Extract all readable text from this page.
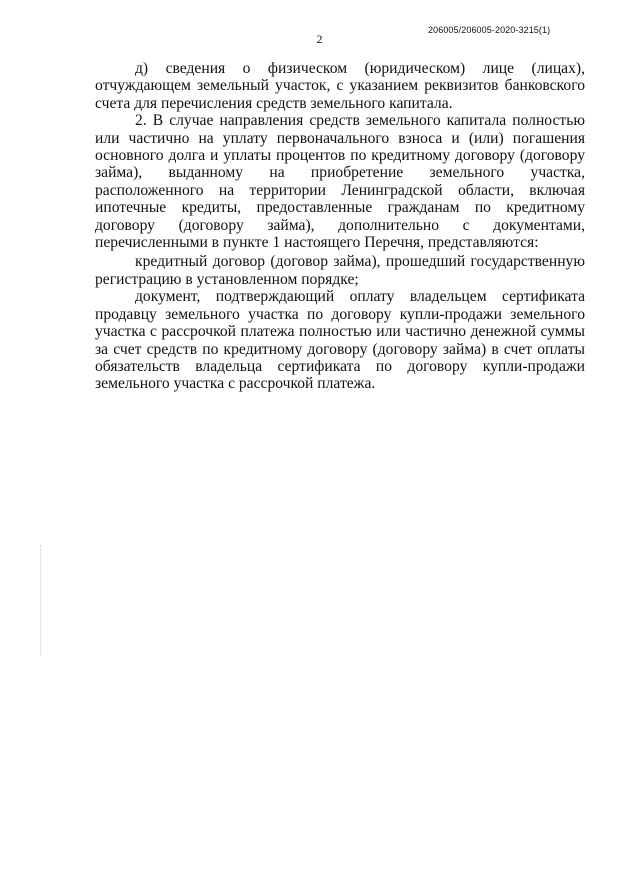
206005/206005-2020-3215(1)
2

д) сведения о физическом (юридическом) лице (лицах), отчуждающем земельный участок, с указанием реквизитов банковского счета для перечисления средств земельного капитала.

2. В случае направления средств земельного капитала полностью или частично на уплату первоначального взноса и (или) погашения основного долга и уплаты процентов по кредитному договору (договору займа), выданному на приобретение земельного участка, расположенного на территории Ленинградской области, включая ипотечные кредиты, предоставленные гражданам по кредитному договору (договору займа), дополнительно с документами, перечисленными в пункте 1 настоящего Перечня, представляются:

кредитный договор (договор займа), прошедший государственную регистрацию в установленном порядке;

документ, подтверждающий оплату владельцем сертификата продавцу земельного участка по договору купли-продажи земельного участка с рассрочкой платежа полностью или частично денежной суммы за счет средств по кредитному договору (договору займа) в счет оплаты обязательств владельца сертификата по договору купли-продажи земельного участка с рассрочкой платежа.
